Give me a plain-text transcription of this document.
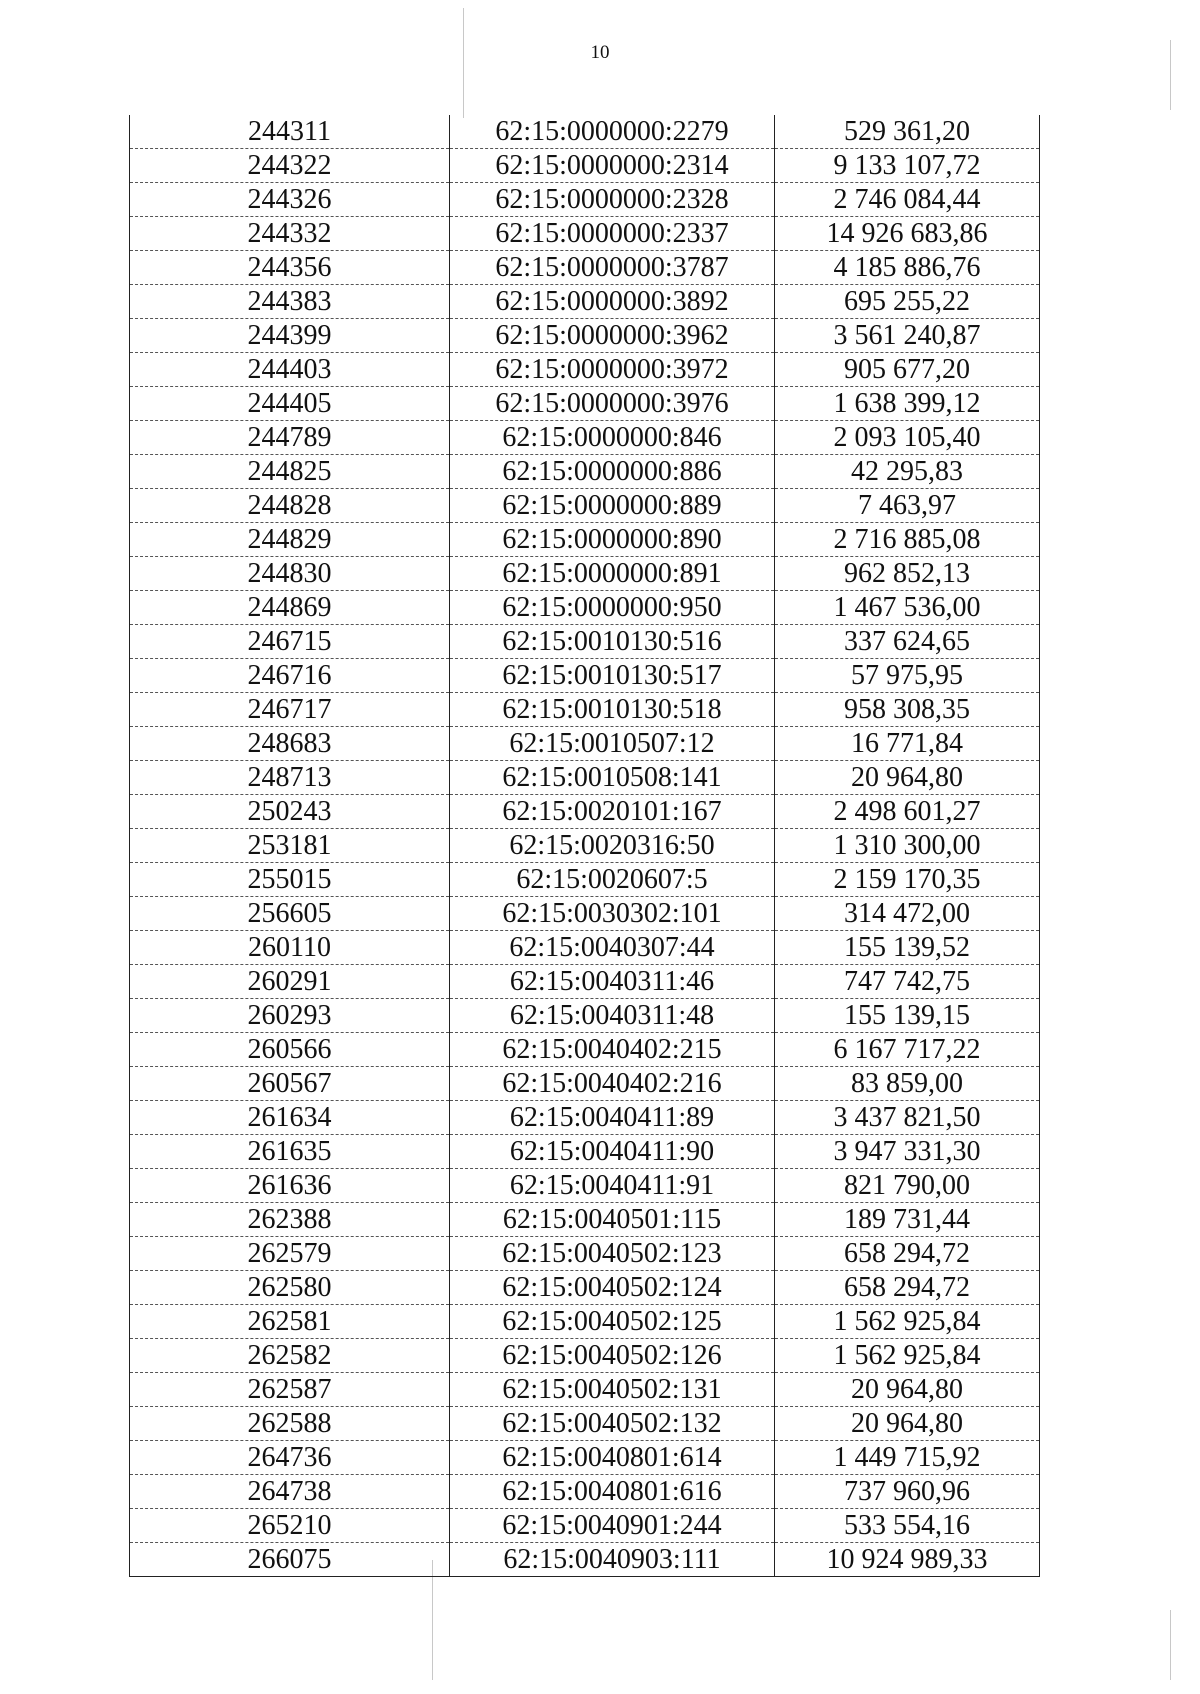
10
244311	62:15:0000000:2279	529 361,20
244322	62:15:0000000:2314	9 133 107,72
244326	62:15:0000000:2328	2 746 084,44
244332	62:15:0000000:2337	14 926 683,86
244356	62:15:0000000:3787	4 185 886,76
244383	62:15:0000000:3892	695 255,22
244399	62:15:0000000:3962	3 561 240,87
244403	62:15:0000000:3972	905 677,20
244405	62:15:0000000:3976	1 638 399,12
244789	62:15:0000000:846	2 093 105,40
244825	62:15:0000000:886	42 295,83
244828	62:15:0000000:889	7 463,97
244829	62:15:0000000:890	2 716 885,08
244830	62:15:0000000:891	962 852,13
244869	62:15:0000000:950	1 467 536,00
246715	62:15:0010130:516	337 624,65
246716	62:15:0010130:517	57 975,95
246717	62:15:0010130:518	958 308,35
248683	62:15:0010507:12	16 771,84
248713	62:15:0010508:141	20 964,80
250243	62:15:0020101:167	2 498 601,27
253181	62:15:0020316:50	1 310 300,00
255015	62:15:0020607:5	2 159 170,35
256605	62:15:0030302:101	314 472,00
260110	62:15:0040307:44	155 139,52
260291	62:15:0040311:46	747 742,75
260293	62:15:0040311:48	155 139,15
260566	62:15:0040402:215	6 167 717,22
260567	62:15:0040402:216	83 859,00
261634	62:15:0040411:89	3 437 821,50
261635	62:15:0040411:90	3 947 331,30
261636	62:15:0040411:91	821 790,00
262388	62:15:0040501:115	189 731,44
262579	62:15:0040502:123	658 294,72
262580	62:15:0040502:124	658 294,72
262581	62:15:0040502:125	1 562 925,84
262582	62:15:0040502:126	1 562 925,84
262587	62:15:0040502:131	20 964,80
262588	62:15:0040502:132	20 964,80
264736	62:15:0040801:614	1 449 715,92
264738	62:15:0040801:616	737 960,96
265210	62:15:0040901:244	533 554,16
266075	62:15:0040903:111	10 924 989,33
